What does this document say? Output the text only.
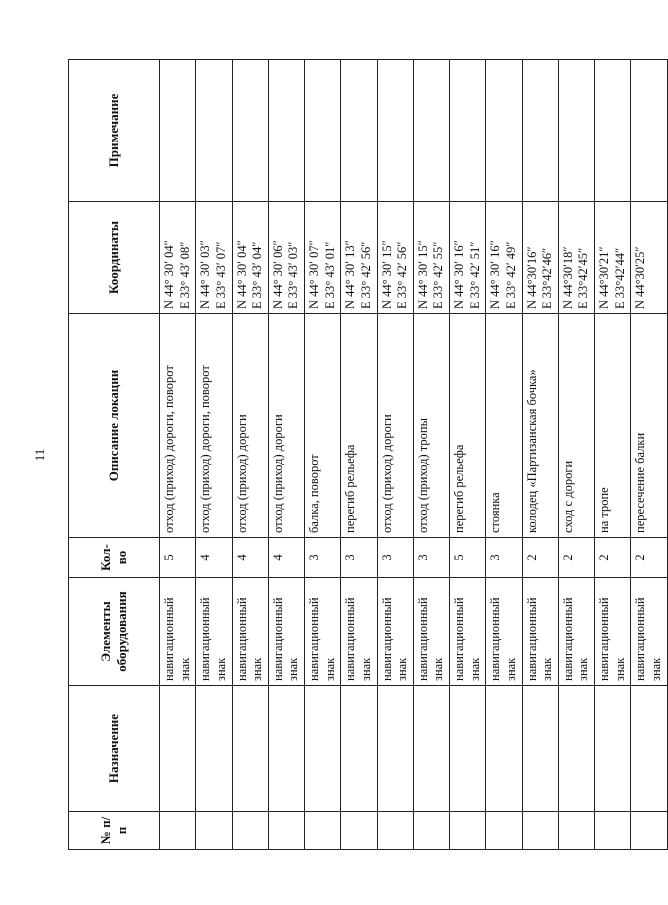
11
№ п/п	Назначение	Элементы оборудования	Кол-во	Описание локации	Координаты	Примечание
		навигационный знак	5	отход (приход) дороги, поворот	N 44° 30′ 04″ E 33° 43′ 08″	

		навигационный знак	4	отход (приход) дороги, поворот	N 44° 30′ 03″ E 33° 43′ 07″	

		навигационный знак	4	отход (приход) дороги	N 44° 30′ 04″ E 33° 43′ 04″	

		навигационный знак	4	отход (приход) дороги	N 44° 30′ 06″ E 33° 43′ 03″	

		навигационный знак	3	балка, поворот	N 44° 30′ 07″ E 33° 43′ 01″	

		навигационный знак	3	перегиб рельефа	N 44° 30′ 13″ E 33° 42′ 56″	

		навигационный знак	3	отход (приход) дороги	N 44° 30′ 15″ E 33° 42′ 56″	

		навигационный знак	3	отход (приход) тропы	N 44° 30′ 15″ E 33° 42′ 55″	

		навигационный знак	5	перегиб рельефа	N 44° 30′ 16″ E 33° 42′ 51″	

		навигационный знак	3	стоянка	N 44° 30′ 16″ E 33° 42′ 49″	

		навигационный знак	2	колодец «Партизанская бочка»	N 44°30′16″ E 33°42′46″	

		навигационный знак	2	сход с дороги	N 44°30′18″ E 33°42′45″	

		навигационный знак	2	на тропе	N 44°30′21″ E 33°42′44″	

		навигационный знак	2	пересечение балки	N 44°30′25″	
